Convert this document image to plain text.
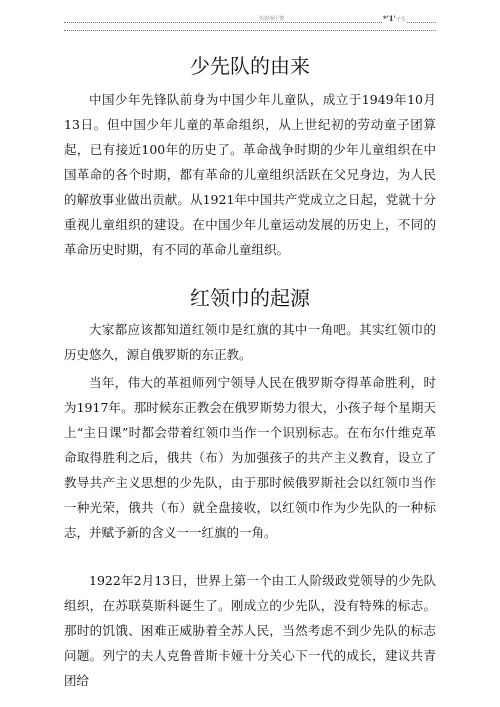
代拟零厅费	*'1'子生
少先队的由来

中国少年先锋队前身为中国少年儿童队，成立于1949年10月13日。但中国少年儿童的革命组织，从上世纪初的劳动童子团算起，已有接近100年的历史了。革命战争时期的少年儿童组织在中国革命的各个时期，都有革命的儿童组织活跃在父兄身边，为人民的解放事业做出贡献。从1921年中国共产党成立之日起，党就十分重视儿童组织的建设。在中国少年儿童运动发展的历史上，不同的革命历史时期，有不同的革命儿童组织。

红领巾的起源

大家都应该都知道红领巾是红旗的其中一角吧。其实红领巾的历史悠久，源自俄罗斯的东正教。

当年，伟大的革祖师列宁领导人民在俄罗斯夺得革命胜利，时为1917年。那时候东正教会在俄罗斯势力很大，小孩子每个星期天上“主日课”时都会带着红领巾当作一个识别标志。在布尔什维克革命取得胜利之后，俄共（布）为加强孩子的共产主义教育，设立了教导共产主义思想的少先队，由于那时候俄罗斯社会以红领巾当作一种光荣，俄共（布）就全盘接收，以红领巾作为少先队的一种标志，并赋予新的含义一一红旗的一角。

1922年2月13日，世界上第一个由工人阶级政党领导的少先队组织，在苏联莫斯科诞生了。刚成立的少先队，没有特殊的标志。那时的饥饿、困难正威胁着全苏人民，当然考虑不到少先队的标志问题。列宁的夫人克鲁普斯卡娅十分关心下一代的成长，建议共青团给
